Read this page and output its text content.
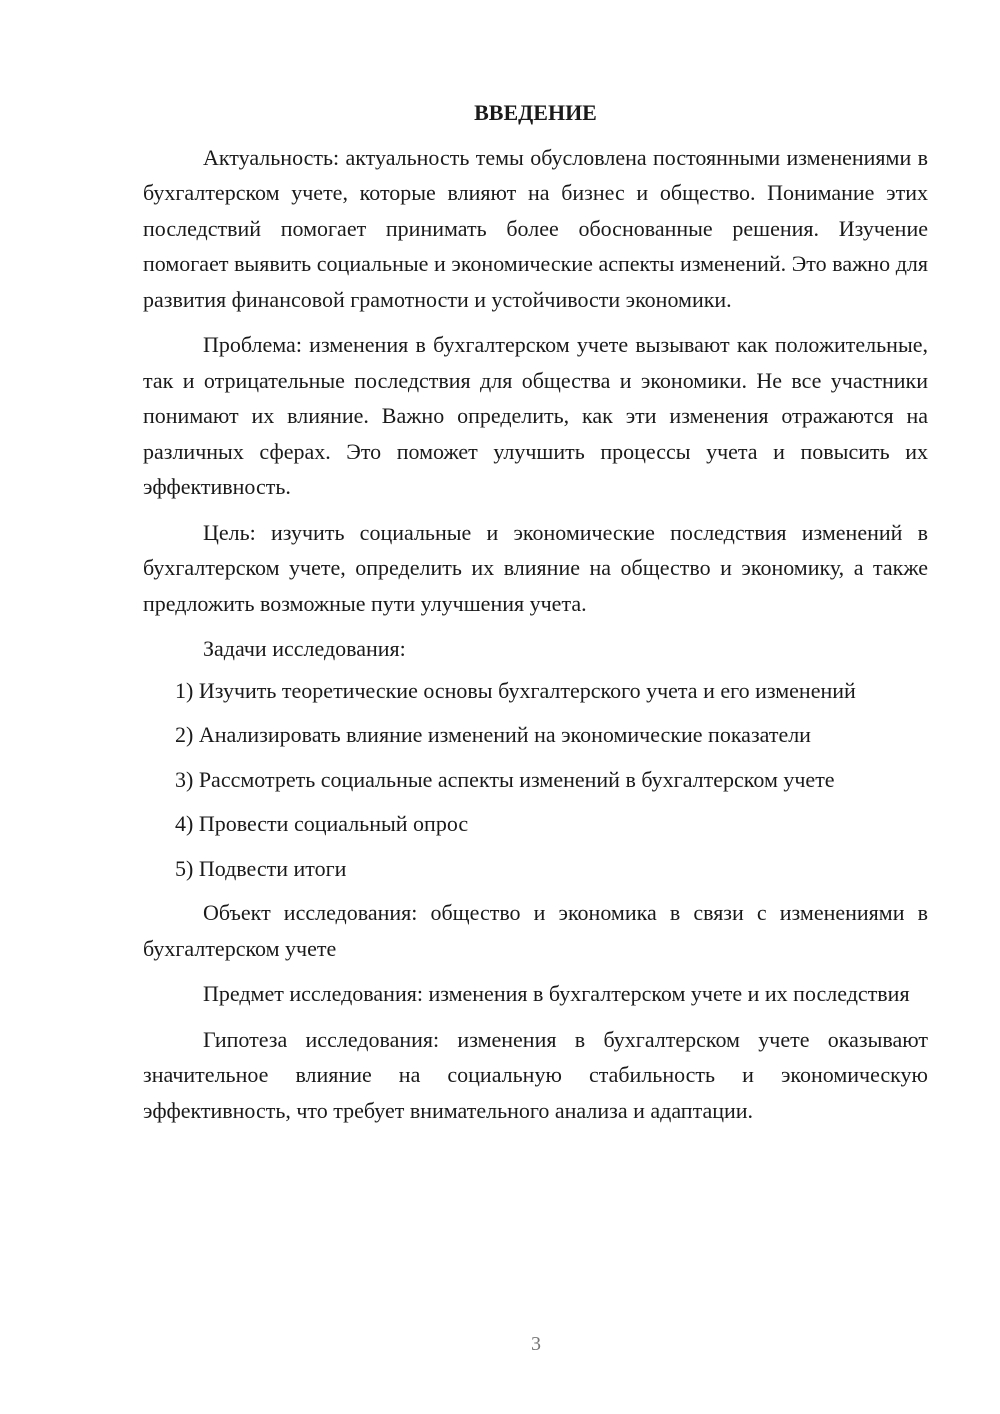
ВВЕДЕНИЕ

Актуальность: актуальность темы обусловлена постоянными изменениями в бухгалтерском учете, которые влияют на бизнес и общество. Понимание этих последствий помогает принимать более обоснованные решения. Изучение помогает выявить социальные и экономические аспекты изменений. Это важно для развития финансовой грамотности и устойчивости экономики.

Проблема: изменения в бухгалтерском учете вызывают как положительные, так и отрицательные последствия для общества и экономики. Не все участники понимают их влияние. Важно определить, как эти изменения отражаются на различных сферах. Это поможет улучшить процессы учета и повысить их эффективность.

Цель: изучить социальные и экономические последствия изменений в бухгалтерском учете, определить их влияние на общество и экономику, а также предложить возможные пути улучшения учета.

Задачи исследования:

1) Изучить теоретические основы бухгалтерского учета и его изменений

2) Анализировать влияние изменений на экономические показатели

3) Рассмотреть социальные аспекты изменений в бухгалтерском учете

4) Провести социальный опрос

5) Подвести итоги

Объект исследования: общество и экономика в связи с изменениями в бухгалтерском учете

Предмет исследования: изменения в бухгалтерском учете и их последствия

Гипотеза исследования: изменения в бухгалтерском учете оказывают значительное влияние на социальную стабильность и экономическую эффективность, что требует внимательного анализа и адаптации.

3
